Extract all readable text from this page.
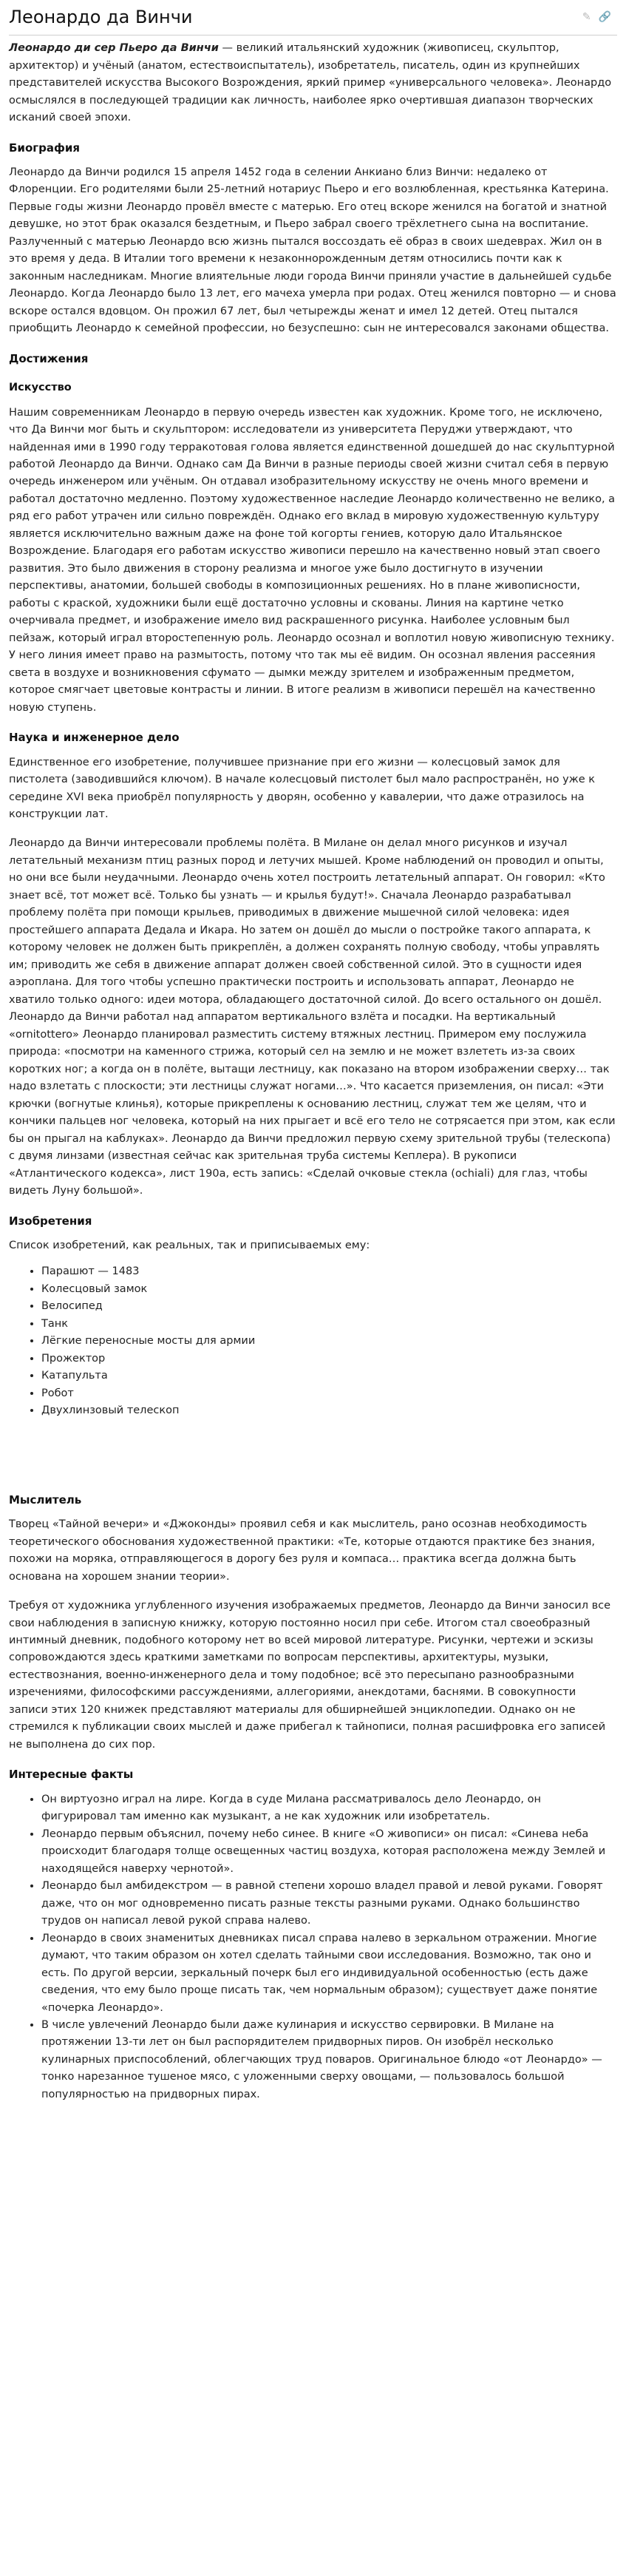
Леонардо да Винчи	✎ 🔗

Леонардо ди сер Пьеро да Винчи — великий итальянский художник (живописец, скульптор, архитектор) и учёный (анатом, естествоиспытатель), изобретатель, писатель, один из крупнейших представителей искусства Высокого Возрождения, яркий пример «универсального человека». Леонардо осмыслялся в последующей традиции как личность, наиболее ярко очертившая диапазон творческих исканий своей эпохи.

Биография

Леонардо да Винчи родился 15 апреля 1452 года в селении Анкиано близ Винчи: недалеко от Флоренции. Его родителями были 25-летний нотариус Пьеро и его возлюбленная, крестьянка Катерина. Первые годы жизни Леонардо провёл вместе с матерью. Его отец вскоре женился на богатой и знатной девушке, но этот брак оказался бездетным, и Пьеро забрал своего трёхлетнего сына на воспитание. Разлученный с матерью Леонардо всю жизнь пытался воссоздать её образ в своих шедеврах. Жил он в это время у деда. В Италии того времени к незаконнорожденным детям относились почти как к законным наследникам. Многие влиятельные люди города Винчи приняли участие в дальнейшей судьбе Леонардо. Когда Леонардо было 13 лет, его мачеха умерла при родах. Отец женился повторно — и снова вскоре остался вдовцом. Он прожил 67 лет, был четырежды женат и имел 12 детей. Отец пытался приобщить Леонардо к семейной профессии, но безуспешно: сын не интересовался законами общества.

Достижения
Искусство

Нашим современникам Леонардо в первую очередь известен как художник. Кроме того, не исключено, что Да Винчи мог быть и скульптором: исследователи из университета Перуджи утверждают, что найденная ими в 1990 году терракотовая голова является единственной дошедшей до нас скульптурной работой Леонардо да Винчи. Однако сам Да Винчи в разные периоды своей жизни считал себя в первую очередь инженером или учёным. Он отдавал изобразительному искусству не очень много времени и работал достаточно медленно. Поэтому художественное наследие Леонардо количественно не велико, а ряд его работ утрачен или сильно повреждён. Однако его вклад в мировую художественную культуру является исключительно важным даже на фоне той когорты гениев, которую дало Итальянское Возрождение. Благодаря его работам искусство живописи перешло на качественно новый этап своего развития. Это было движения в сторону реализма и многое уже было достигнуто в изучении перспективы, анатомии, большей свободы в композиционных решениях. Но в плане живописности, работы с краской, художники были ещё достаточно условны и скованы. Линия на картине четко очерчивала предмет, и изображение имело вид раскрашенного рисунка. Наиболее условным был пейзаж, который играл второстепенную роль. Леонардо осознал и воплотил новую живописную технику. У него линия имеет право на размытость, потому что так мы её видим. Он осознал явления рассеяния света в воздухе и возникновения сфумато — дымки между зрителем и изображенным предметом, которое смягчает цветовые контрасты и линии. В итоге реализм в живописи перешёл на качественно новую ступень.

Наука и инженерное дело

Единственное его изобретение, получившее признание при его жизни — колесцовый замок для пистолета (заводившийся ключом). В начале колесцовый пистолет был мало распространён, но уже к середине XVI века приобрёл популярность у дворян, особенно у кавалерии, что даже отразилось на конструкции лат.

Леонардо да Винчи интересовали проблемы полёта. В Милане он делал много рисунков и изучал летательный механизм птиц разных пород и летучих мышей. Кроме наблюдений он проводил и опыты, но они все были неудачными. Леонардо очень хотел построить летательный аппарат. Он говорил: «Кто знает всё, тот может всё. Только бы узнать — и крылья будут!». Сначала Леонардо разрабатывал проблему полёта при помощи крыльев, приводимых в движение мышечной силой человека: идея простейшего аппарата Дедала и Икара. Но затем он дошёл до мысли о постройке такого аппарата, к которому человек не должен быть прикреплён, а должен сохранять полную свободу, чтобы управлять им; приводить же себя в движение аппарат должен своей собственной силой. Это в сущности идея аэроплана. Для того чтобы успешно практически построить и использовать аппарат, Леонардо не хватило только одного: идеи мотора, обладающего достаточной силой. До всего остального он дошёл. Леонардо да Винчи работал над аппаратом вертикального взлёта и посадки. На вертикальный «ornitottero» Леонардо планировал разместить систему втяжных лестниц. Примером ему послужила природа: «посмотри на каменного стрижа, который сел на землю и не может взлететь из-за своих коротких ног; а когда он в полёте, вытащи лестницу, как показано на втором изображении сверху… так надо взлетать с плоскости; эти лестницы служат ногами…». Что касается приземления, он писал: «Эти крючки (вогнутые клинья), которые прикреплены к основанию лестниц, служат тем же целям, что и кончики пальцев ног человека, который на них прыгает и всё его тело не сотрясается при этом, как если бы он прыгал на каблуках». Леонардо да Винчи предложил первую схему зрительной трубы (телескопа) с двумя линзами (известная сейчас как зрительная труба системы Кеплера). В рукописи «Атлантического кодекса», лист 190a, есть запись: «Сделай очковые стекла (ochiali) для глаз, чтобы видеть Луну большой».

Изобретения

Список изобретений, как реальных, так и приписываемых ему:

• Парашют — 1483
• Колесцовый замок
• Велосипед
• Танк
• Лёгкие переносные мосты для армии
• Прожектор
• Катапульта
• Робот
• Двухлинзовый телескоп
Мыслитель

Творец «Тайной вечери» и «Джоконды» проявил себя и как мыслитель, рано осознав необходимость теоретического обоснования художественной практики: «Те, которые отдаются практике без знания, похожи на моряка, отправляющегося в дорогу без руля и компаса… практика всегда должна быть основана на хорошем знании теории».

Требуя от художника углубленного изучения изображаемых предметов, Леонардо да Винчи заносил все свои наблюдения в записную книжку, которую постоянно носил при себе. Итогом стал своеобразный интимный дневник, подобного которому нет во всей мировой литературе. Рисунки, чертежи и эскизы сопровождаются здесь краткими заметками по вопросам перспективы, архитектуры, музыки, естествознания, военно-инженерного дела и тому подобное; всё это пересыпано разнообразными изречениями, философскими рассуждениями, аллегориями, анекдотами, баснями. В совокупности записи этих 120 книжек представляют материалы для обширнейшей энциклопедии. Однако он не стремился к публикации своих мыслей и даже прибегал к тайнописи, полная расшифровка его записей не выполнена до сих пор.

Интересные факты
• Он виртуозно играл на лире. Когда в суде Милана рассматривалось дело Леонардо, он фигурировал там именно как музыкант, а не как художник или изобретатель.
• Леонардо первым объяснил, почему небо синее. В книге «О живописи» он писал: «Синева неба происходит благодаря толще освещенных частиц воздуха, которая расположена между Землей и находящейся наверху чернотой».
• Леонардо был амбидекстром — в равной степени хорошо владел правой и левой руками. Говорят даже, что он мог одновременно писать разные тексты разными руками. Однако большинство трудов он написал левой рукой справа налево.
• Леонардо в своих знаменитых дневниках писал справа налево в зеркальном отражении. Многие думают, что таким образом он хотел сделать тайными свои исследования. Возможно, так оно и есть. По другой версии, зеркальный почерк был его индивидуальной особенностью (есть даже сведения, что ему было проще писать так, чем нормальным образом); существует даже понятие «почерка Леонардо».
• В числе увлечений Леонардо были даже кулинария и искусство сервировки. В Милане на протяжении 13-ти лет он был распорядителем придворных пиров. Он изобрёл несколько кулинарных приспособлений, облегчающих труд поваров. Оригинальное блюдо «от Леонардо» — тонко нарезанное тушеное мясо, с уложенными сверху овощами, — пользовалось большой популярностью на придворных пирах.
